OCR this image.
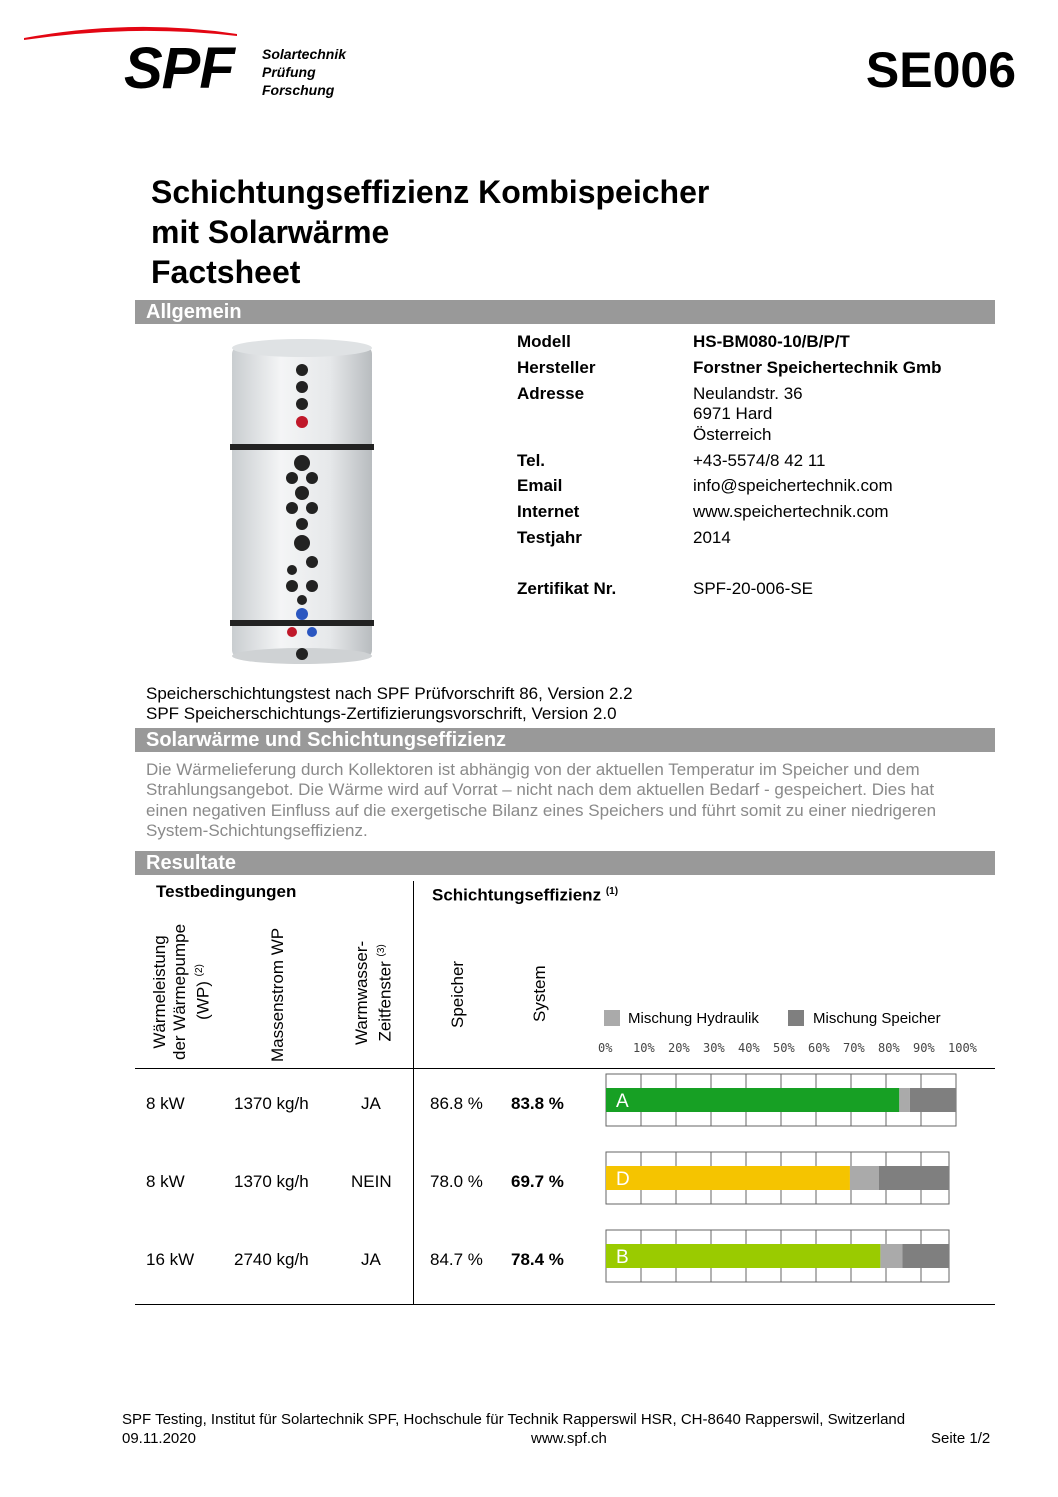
SPF Solartechnik
Prüfung
Forschung	SE006
Schichtungseffizienz Kombispeicher
mit Solarwärme
Factsheet
Allgemein
Modell	HS-BM080-10/B/P/T
Hersteller	Forstner Speichertechnik Gmb
Adresse	Neulandstr. 36
6971 Hard
Österreich
Tel.	+43-5574/8 42 11
Email	info@speichertechnik.com
Internet	www.speichertechnik.com
Testjahr	2014
Zertifikat Nr.	SPF-20-006-SE
Speicherschichtungstest nach SPF Prüfvorschrift 86, Version 2.2
SPF Speicherschichtungs-Zertifizierungsvorschrift, Version 2.0
Solarwärme und Schichtungseffizienz
Die Wärmelieferung durch Kollektoren ist abhängig von der aktuellen Temperatur im Speicher und dem
Strahlungsangebot. Die Wärme wird auf Vorrat – nicht nach dem aktuellen Bedarf - gespeichert. Dies hat
einen negativen Einfluss auf die exergetische Bilanz eines Speichers und führt somit zu einer niedrigeren
System-Schichtungseffizienz.
Resultate
Testbedingungen	Schichtungseffizienz $^{(1)}$
Wärmeleistung der Wärmepumpe (WP) $^{(2)}$	Massenstrom WP	Warmwasser- Zeitfenster $^{(3)}$
Speicher	System	Mischung Hydraulik	Mischung Speicher
0% 10% 20% 30% 40% 50% 60% 70% 80% 90% 100%
8 kW	1370 kg/h	JA	86.8 % 83.8 %
8 kW	1370 kg/h NEIN 78.0 % 69.7 %
16 kW 2740 kg/h	JA	84.7 % 78.4 %
A
D
B
SPF Testing, Institut für Solartechnik SPF, Hochschule für Technik Rapperswil HSR, CH-8640 Rapperswil, Switzerland
09.11.2020	www.spf.ch	Seite 1/2
